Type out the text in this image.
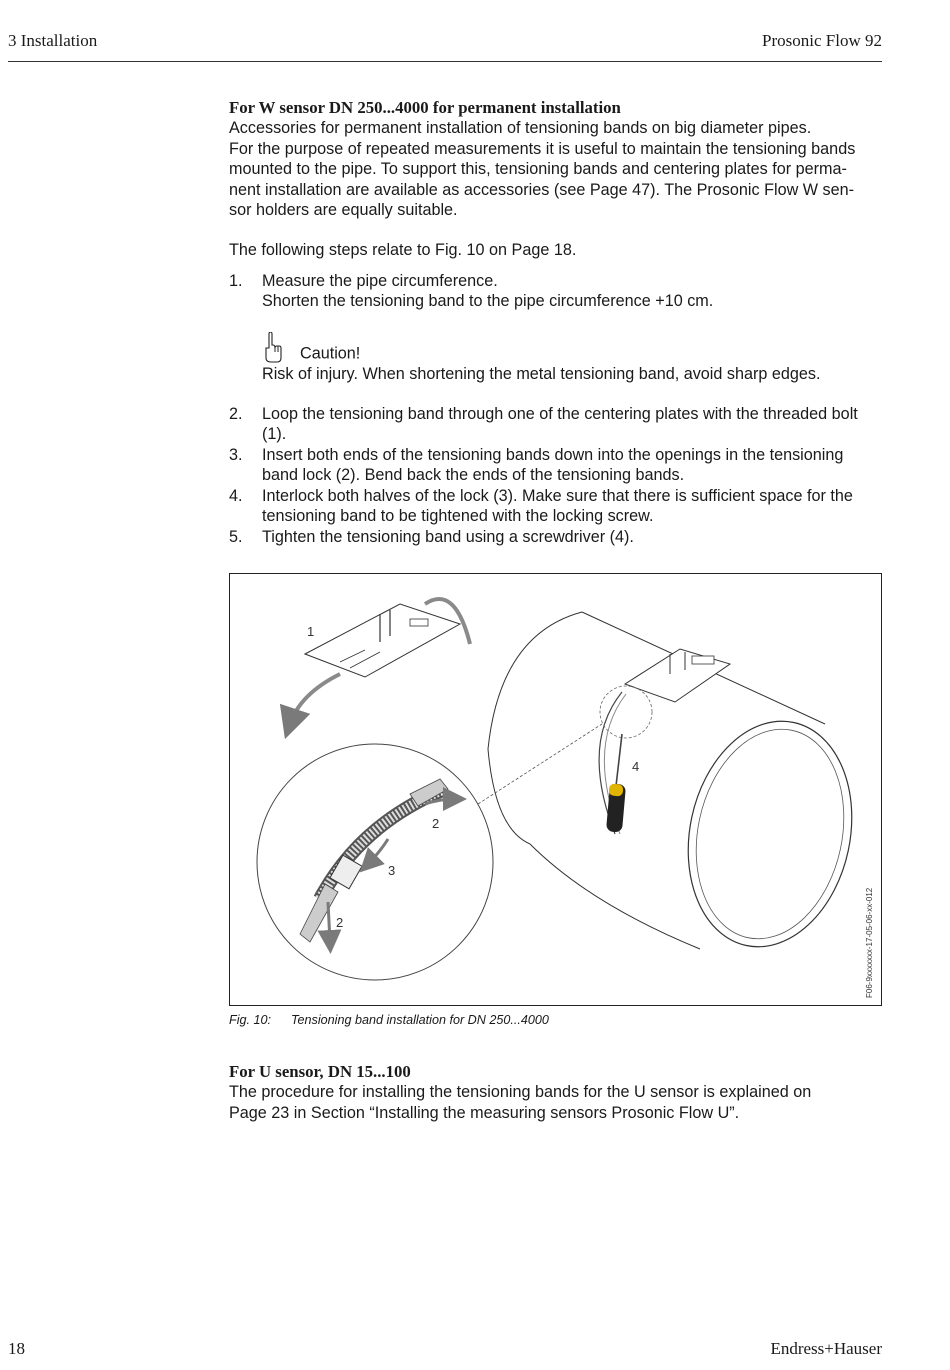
3 Installation	Prosonic Flow 92

For W sensor DN 250...4000 for permanent installation

Accessories for permanent installation of tensioning bands on big diameter pipes.

For the purpose of repeated measurements it is useful to maintain the tensioning bands

mounted to the pipe. To support this, tensioning bands and centering plates for perma-

nent installation are available as accessories (see Page 47). The Prosonic Flow W sen-

sor holders are equally suitable.

The following steps relate to Fig. 10 on Page 18.

1. Measure the pipe circumference.
Shorten the tensioning band to the pipe circumference +10 cm.
Caution!
Risk of injury. When shortening the metal tensioning band, avoid sharp edges.
2. Loop the tensioning band through one of the centering plates with the threaded bolt
(1).
3. Insert both ends of the tensioning bands down into the openings in the tensioning
band lock (2). Bend back the ends of the tensioning bands.
4. Interlock both halves of the lock (3). Make sure that there is sufficient space for the
tensioning band to be tightened with the locking screw.
5. Tighten the tensioning band using a screwdriver (4).
1
2
3
2
4
F06-9xxxxxxx-17-05-06-xx-012
Fig. 10: Tensioning band installation for DN 250...4000

For U sensor, DN 15...100

The procedure for installing the tensioning bands for the U sensor is explained on

Page 23 in Section “Installing the measuring sensors Prosonic Flow U”.

18	Endress+Hauser
